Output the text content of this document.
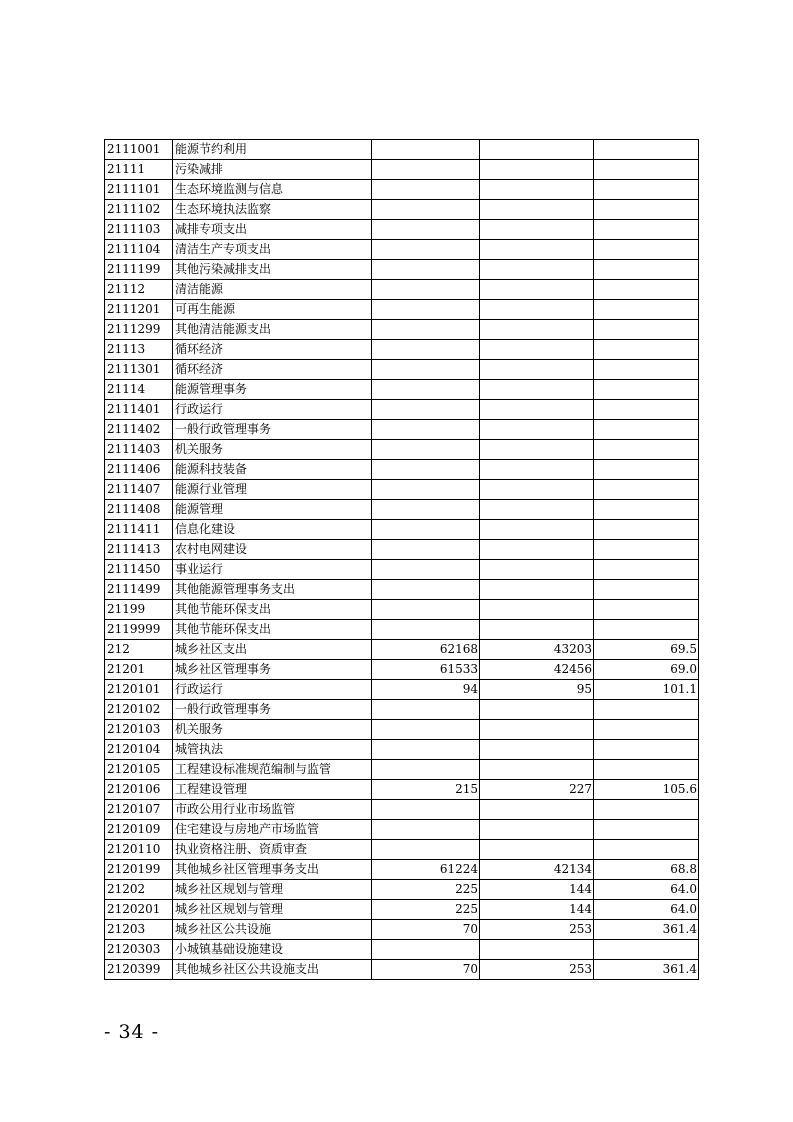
2111001	能源节约利用			
21111	污染减排			
2111101	生态环境监测与信息			
2111102	生态环境执法监察			
2111103	减排专项支出			
2111104	清洁生产专项支出			
2111199	其他污染减排支出			
21112	清洁能源			
2111201	可再生能源			
2111299	其他清洁能源支出			
21113	循环经济			
2111301	循环经济			
21114	能源管理事务			
2111401	行政运行			
2111402	一般行政管理事务			
2111403	机关服务			
2111406	能源科技装备			
2111407	能源行业管理			
2111408	能源管理			
2111411	信息化建设			
2111413	农村电网建设			
2111450	事业运行			
2111499	其他能源管理事务支出			
21199	其他节能环保支出			
2119999	其他节能环保支出			
212	城乡社区支出	62168	43203	69.5
21201	城乡社区管理事务	61533	42456	69.0
2120101	行政运行	94	95	101.1
2120102	一般行政管理事务			
2120103	机关服务			
2120104	城管执法			
2120105	工程建设标准规范编制与监管			
2120106	工程建设管理	215	227	105.6
2120107	市政公用行业市场监管			
2120109	住宅建设与房地产市场监管			
2120110	执业资格注册、资质审查			
2120199	其他城乡社区管理事务支出	61224	42134	68.8
21202	城乡社区规划与管理	225	144	64.0
2120201	城乡社区规划与管理	225	144	64.0
21203	城乡社区公共设施	70	253	361.4
2120303	小城镇基础设施建设			
2120399	其他城乡社区公共设施支出	70	253	361.4
- 34 -
